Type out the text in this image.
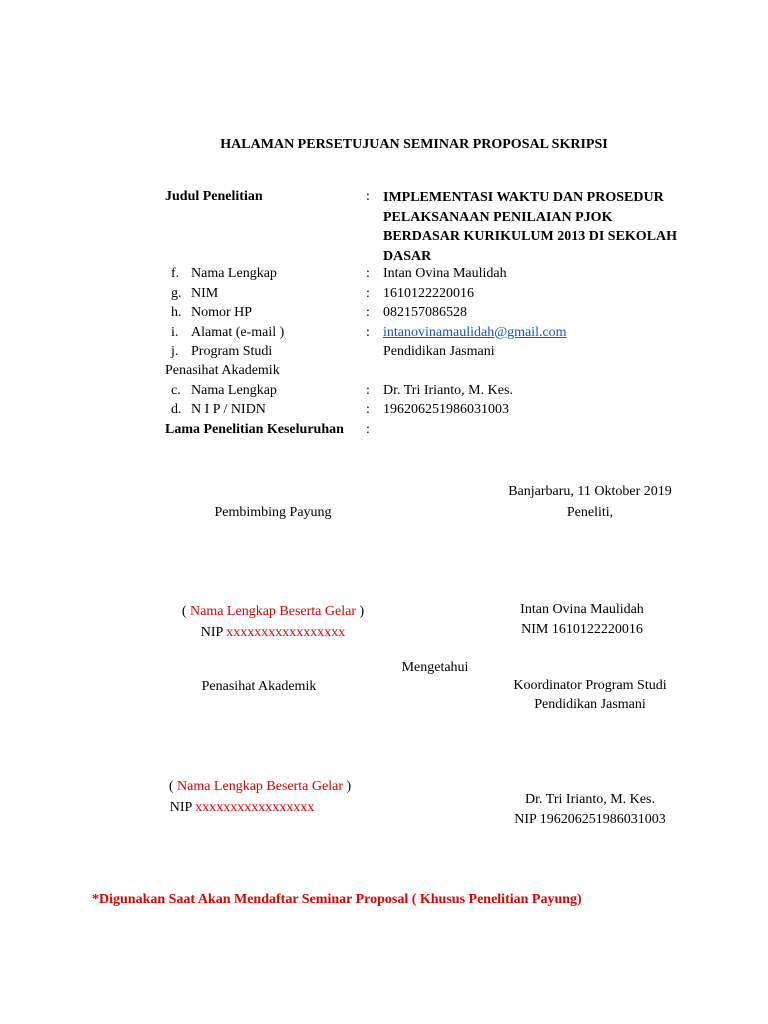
HALAMAN PERSETUJUAN SEMINAR PROPOSAL SKRIPSI
Judul Penelitian	: IMPLEMENTASI WAKTU DAN PROSEDUR
PELAKSANAAN PENILAIAN PJOK
BERDASAR KURIKULUM 2013 DI SEKOLAH
DASAR
f. Nama Lengkap	: Intan Ovina Maulidah
g. NIM	: 1610122220016
h. Nomor HP	: 082157086528
i. Alamat (e-mail )	: intanovinamaulidah@gmail.com
j. Program Studi	Pendidikan Jasmani
Penasihat Akademik
c. Nama Lengkap	: Dr. Tri Irianto, M. Kes.
d. N I P / NIDN	: 196206251986031003
Lama Penelitian Keseluruhan :
Banjarbaru, 11 Oktober 2019
Pembimbing Payung	Peneliti,
( Nama Lengkap Beserta Gelar )
NIP xxxxxxxxxxxxxxxxx
Intan Ovina Maulidah
NIM 1610122220016
Mengetahui
Penasihat Akademik	Koordinator Program Studi
Pendidikan Jasmani
( Nama Lengkap Beserta Gelar )
NIP xxxxxxxxxxxxxxxxx
Dr. Tri Irianto, M. Kes.
NIP 196206251986031003
*Digunakan Saat Akan Mendaftar Seminar Proposal ( Khusus Penelitian Payung)
